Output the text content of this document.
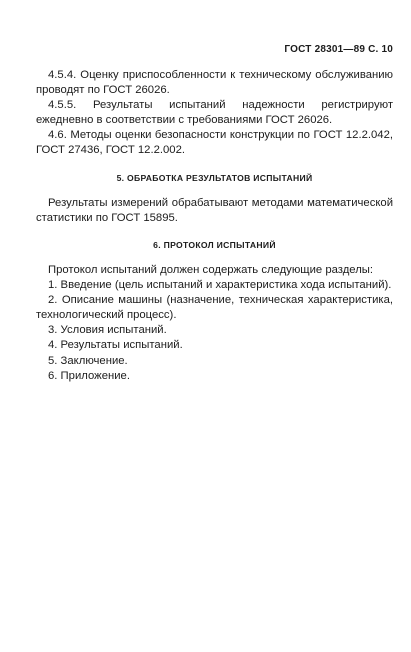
ГОСТ 28301—89 С. 10

4.5.4. Оценку приспособленности к техническому обслуживанию проводят по ГОСТ 26026.

4.5.5. Результаты испытаний надежности регистрируют ежедневно в соответствии с требованиями ГОСТ 26026.

4.6. Методы оценки безопасности конструкции по ГОСТ 12.2.042, ГОСТ 27436, ГОСТ 12.2.002.

5. ОБРАБОТКА РЕЗУЛЬТАТОВ ИСПЫТАНИЙ

Результаты измерений обрабатывают методами математической статистики по ГОСТ 15895.

6. ПРОТОКОЛ ИСПЫТАНИЙ

Протокол испытаний должен содержать следующие разделы:

1. Введение (цель испытаний и характеристика хода испытаний).

2. Описание машины (назначение, техническая характеристика, технологический процесс).

3. Условия испытаний.

4. Результаты испытаний.

5. Заключение.

6. Приложение.
